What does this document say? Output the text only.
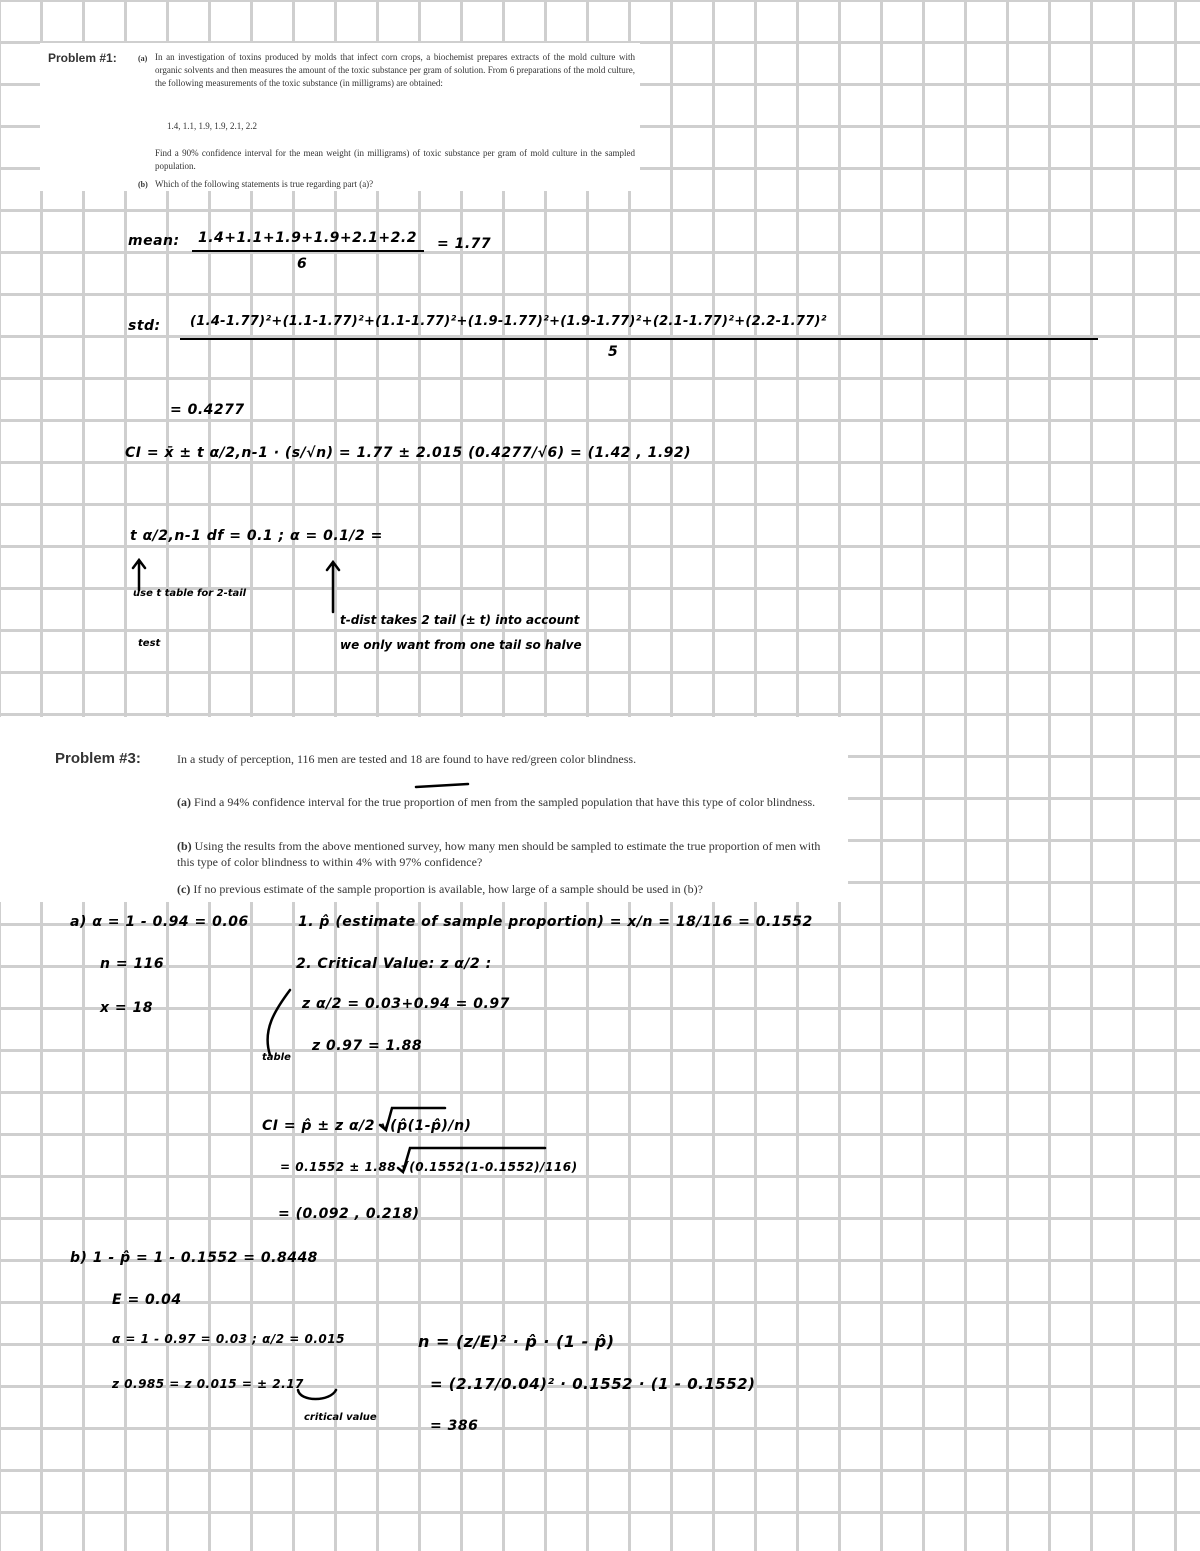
Problem #1:	(a) In an investigation of toxins produced by molds that infect corn crops, a biochemist prepares extracts of the mold culture with organic solvents and then measures the amount of the toxic substance per gram of solution. From 6 preparations of the mold culture, the following measurements of the toxic substance (in milligrams) are obtained:
1.4, 1.1, 1.9, 1.9, 2.1, 2.2
Find a 90% confidence interval for the mean weight (in milligrams) of toxic substance per gram of mold culture in the sampled population.
(b) Which of the following statements is true regarding part (a)?
mean: 1.4+1.1+1.9+1.9+2.1+2.2
6
= 1.77
std: (1.4-1.77)²+(1.1-1.77)²+(1.1-1.77)²+(1.9-1.77)²+(1.9-1.77)²+(2.1-1.77)²+(2.2-1.77)²
5
= 0.4277
CI = x̄ ± t α/2,n-1 · (s/√n) = 1.77 ± 2.015 (0.4277/√6) = (1.42 , 1.92)
t α/2,n-1 df = 0.1 ; α = 0.1/2 =
use t table for 2-tail
test
t-dist takes 2 tail (± t) into account
we only want from one tail so halve
Problem #3:	In a study of perception, 116 men are tested and 18 are found to have red/green color blindness.
(a) Find a 94% confidence interval for the true proportion of men from the sampled population that have this type of color blindness.
(b) Using the results from the above mentioned survey, how many men should be sampled to estimate the true proportion of men with this type of color blindness to within 4% with 97% confidence?
(c) If no previous estimate of the sample proportion is available, how large of a sample should be used in (b)?
a) α = 1 - 0.94 = 0.06	1. p̂ (estimate of sample proportion) = x/n = 18/116 = 0.1552
n = 116
x = 18
2. Critical Value: z α/2 :
z α/2 = 0.03+0.94 = 0.97
z 0.97 = 1.88
table
CI = p̂ ± z α/2 √(p̂(1-p̂)/n)
= 0.1552 ± 1.88 √(0.1552(1-0.1552)/116)
= (0.092 , 0.218)
b) 1 - p̂ = 1 - 0.1552 = 0.8448
E = 0.04
α = 1 - 0.97 = 0.03 ; α/2 = 0.015
z 0.985 = z 0.015 = ± 2.17
critical value
n = (z/E)² · p̂ · (1 - p̂)
= (2.17/0.04)² · 0.1552 · (1 - 0.1552)
= 386
